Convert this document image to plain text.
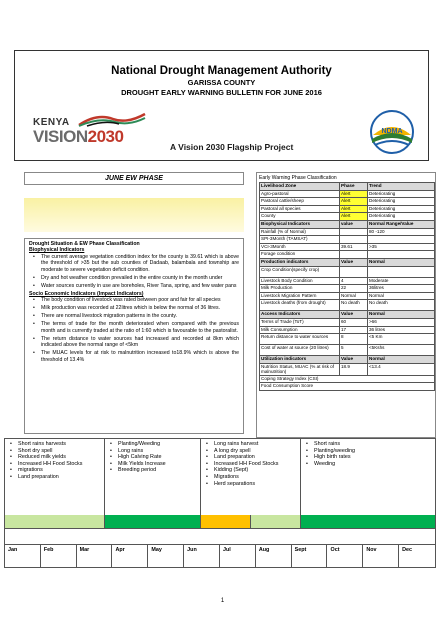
National Drought Management Authority
GARISSA COUNTY
DROUGHT EARLY WARNING BULLETIN FOR JUNE 2016
KENYA
VISION2030
A Vision 2030 Flagship Project
NDMA
JUNE EW PHASE
Drought Situation & EW Phase Classification
Biophysical Indicators
• The current average vegetation condition index for the county is 39.61 which is above the threshold of >35 but the sub counties of Dadaab, balambala and township are moderate to severe vegetation deficit condition.
• Dry and hot weather condition prevailed in the entire county in the month under
• Water sources currently in use are boreholes, River Tana, spring, and few water pans
Socio Economic Indicators (Impact Indicators)
• The body condition of livestock was rated between poor and fair for all species
• Milk production was recorded at 22litres which is below the normal of 36 litres.
• There are normal livestock migration patterns in the county.
• The terms of trade for the month deteriorated when compared with the previous month and is currently traded at the ratio of 1:60 which is favourable to the pastoralist.
• The return distance to water sources had increased and recorded at 8km which indicated above the normal range of <5km
• The MUAC levels for at risk to malnutrition increased to18.9% which is above the threshold of 13.4%
Early Warning Phase Classification
Livelihood Zone	Phase	Trend
Agro-pastoral	Alert	Deteriorating
Pastoral cattle/sheep	Alert	Deteriorating
Pastoral all species	Alert	Deteriorating
County	Alert	Deteriorating
Biophysical Indicators	value	Normal Range/Value
Rainfall (% of Normal)		80 -120
SPI-3Month (TAMSAT)		
VCI-3Month	39.61	>35
Forage condition		
Production indicators	Value	Normal
Crop Condition(specify crop)		
Livestock Body Condition	4	Moderate
Milk Production	22	36litres
Livestock Migration Pattern	Normal	Normal
Livestock deaths (from drought)	No death	No death
Access Indicators	Value	Normal
Terms of Trade (ToT)	60	>66
Milk Consumption	17	36 litres
Return distance to water sources	8	<5 Km
Cost of water at source (20 litres)	5	<5Kshs
Utilization indicators	Value	Normal
Nutrition Status, MUAC (% at risk of malnutrition)	18.9	<13.4
Coping Strategy Index (CSI)		
Food Consumption Score		
• Short rains harvests
• Short dry spell
• Reduced milk yields
• Increased HH Food Stocks
• migrations
• Land preparation
• Planting/Weeding
• Long rains
• High Calving Rate
• Milk Yields Increase
• Breeding period
• Long rains harvest
• A long dry spell
• Land preparation
• Increased HH Food Stocks
• Kidding (Sept)
• Migrations
• Herd separations
• Short rains
• Planting/weeding
• High birth rates
• Weeding
Jan	Feb	Mar	Apr	May	Jun	Jul	Aug	Sept	Oct	Nov	Dec
1
